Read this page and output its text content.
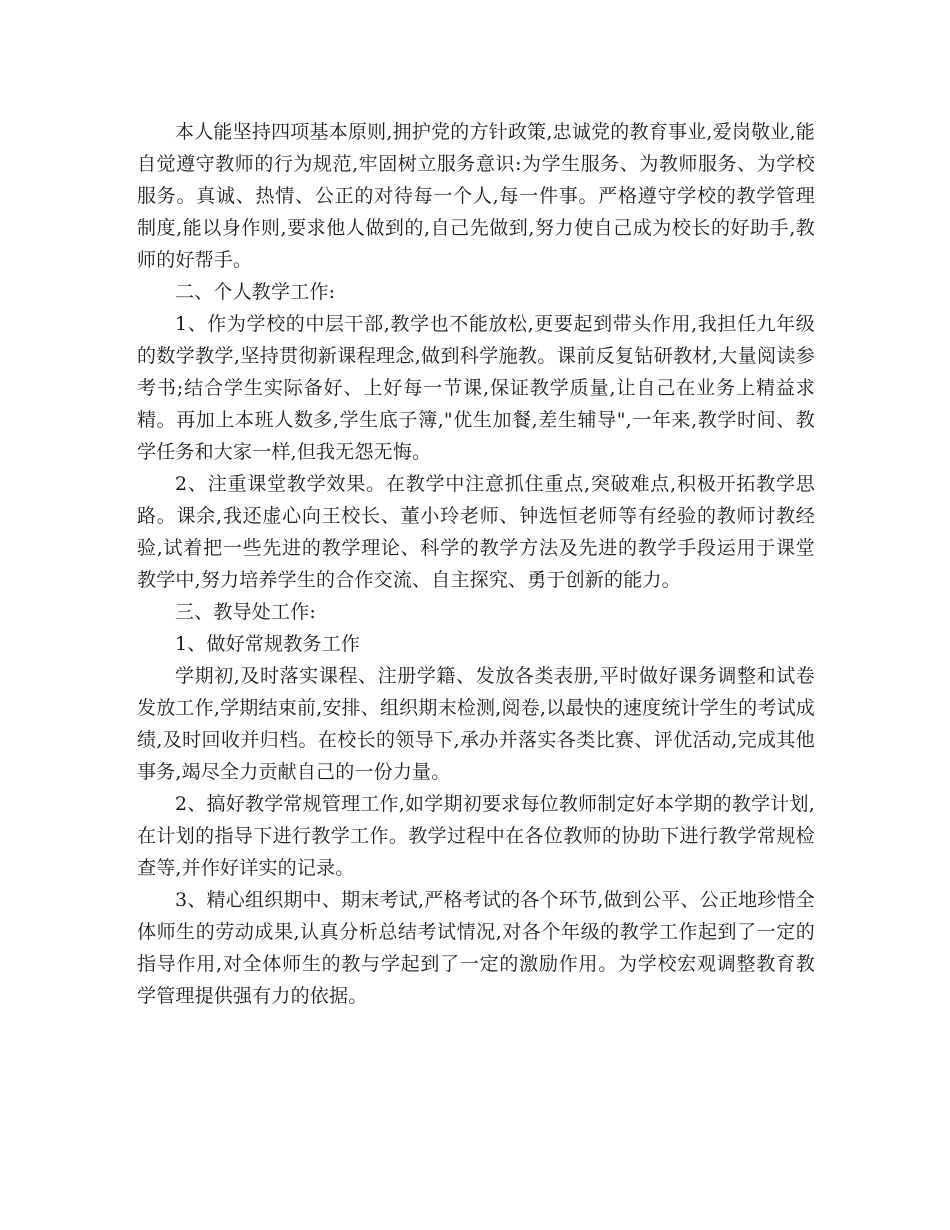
本人能坚持四项基本原则,拥护党的方针政策,忠诚党的教育事业,爱岗敬业,能自觉遵守教师的行为规范,牢固树立服务意识:为学生服务、为教师服务、为学校服务。真诚、热情、公正的对待每一个人,每一件事。严格遵守学校的教学管理制度,能以身作则,要求他人做到的,自己先做到,努力使自己成为校长的好助手,教师的好帮手。

二、个人教学工作:

1、作为学校的中层干部,教学也不能放松,更要起到带头作用,我担任九年级的数学教学,坚持贯彻新课程理念,做到科学施教。课前反复钻研教材,大量阅读参考书;结合学生实际备好、上好每一节课,保证教学质量,让自己在业务上精益求精。再加上本班人数多,学生底子簿,"优生加餐,差生辅导",一年来,教学时间、教学任务和大家一样,但我无怨无悔。

2、注重课堂教学效果。在教学中注意抓住重点,突破难点,积极开拓教学思路。课余,我还虚心向王校长、董小玲老师、钟选恒老师等有经验的教师讨教经验,试着把一些先进的教学理论、科学的教学方法及先进的教学手段运用于课堂教学中,努力培养学生的合作交流、自主探究、勇于创新的能力。

三、教导处工作:

1、做好常规教务工作

学期初,及时落实课程、注册学籍、发放各类表册,平时做好课务调整和试卷发放工作,学期结束前,安排、组织期末检测,阅卷,以最快的速度统计学生的考试成绩,及时回收并归档。在校长的领导下,承办并落实各类比赛、评优活动,完成其他事务,竭尽全力贡献自己的一份力量。

2、搞好教学常规管理工作,如学期初要求每位教师制定好本学期的教学计划,在计划的指导下进行教学工作。教学过程中在各位教师的协助下进行教学常规检查等,并作好详实的记录。

3、精心组织期中、期末考试,严格考试的各个环节,做到公平、公正地珍惜全体师生的劳动成果,认真分析总结考试情况,对各个年级的教学工作起到了一定的指导作用,对全体师生的教与学起到了一定的激励作用。为学校宏观调整教育教学管理提供强有力的依据。
